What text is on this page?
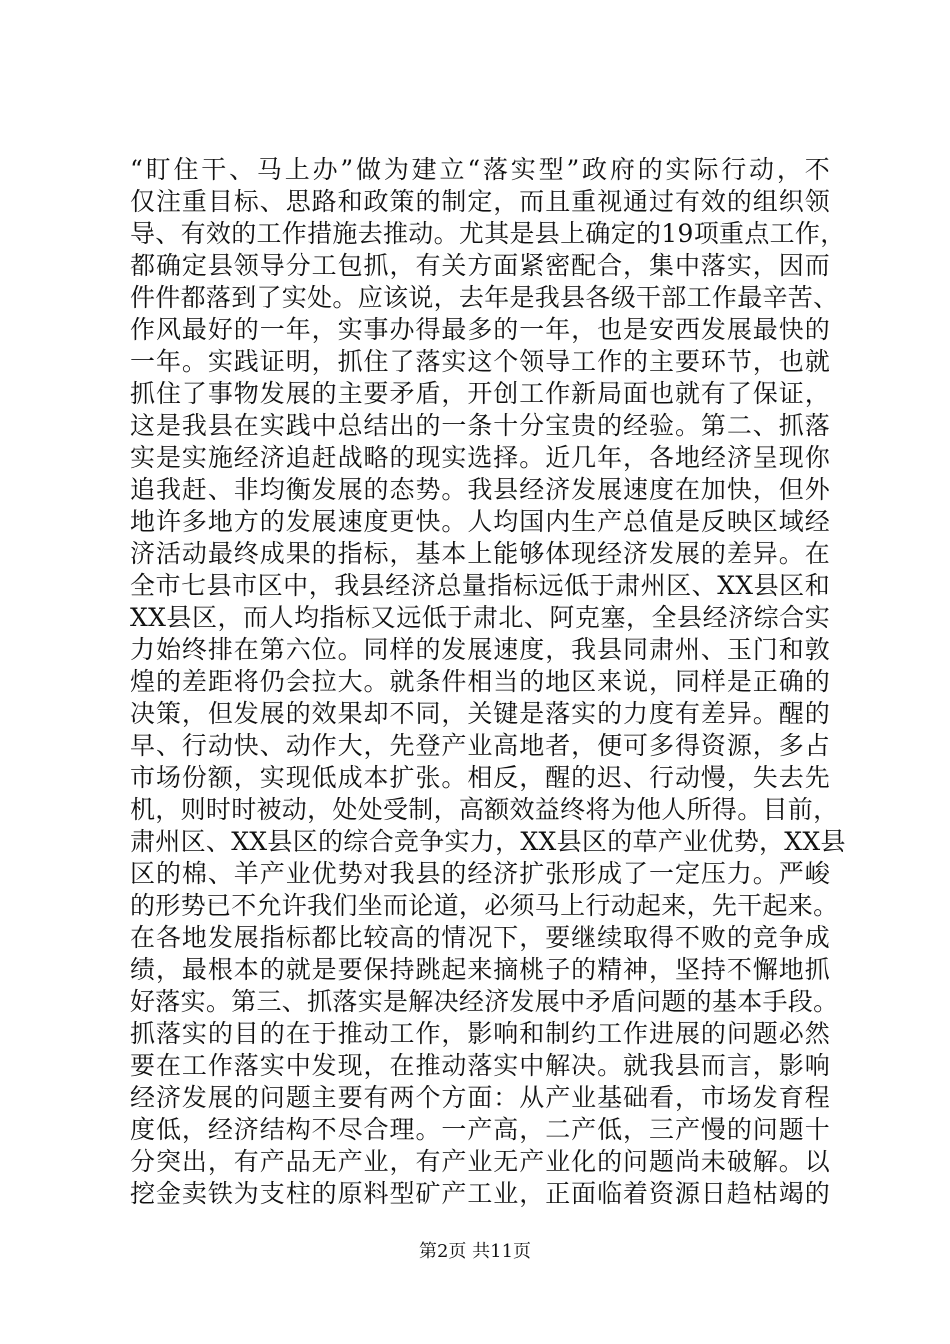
“盯住干、马上办”做为建立“落实型”政府的实际行动，不
仅注重目标、思路和政策的制定，而且重视通过有效的组织领
导、有效的工作措施去推动。尤其是县上确定的19项重点工作，
都确定县领导分工包抓，有关方面紧密配合，集中落实，因而
件件都落到了实处。应该说，去年是我县各级干部工作最辛苦、
作风最好的一年，实事办得最多的一年，也是安西发展最快的
一年。实践证明，抓住了落实这个领导工作的主要环节，也就
抓住了事物发展的主要矛盾，开创工作新局面也就有了保证，
这是我县在实践中总结出的一条十分宝贵的经验。第二、抓落
实是实施经济追赶战略的现实选择。近几年，各地经济呈现你
追我赶、非均衡发展的态势。我县经济发展速度在加快，但外
地许多地方的发展速度更快。人均国内生产总值是反映区域经
济活动最终成果的指标，基本上能够体现经济发展的差异。在
全市七县市区中，我县经济总量指标远低于肃州区、XX县区和
XX县区，而人均指标又远低于肃北、阿克塞，全县经济综合实
力始终排在第六位。同样的发展速度，我县同肃州、玉门和敦
煌的差距将仍会拉大。就条件相当的地区来说，同样是正确的
决策，但发展的效果却不同，关键是落实的力度有差异。醒的
早、行动快、动作大，先登产业高地者，便可多得资源，多占
市场份额，实现低成本扩张。相反，醒的迟、行动慢，失去先
机，则时时被动，处处受制，高额效益终将为他人所得。目前，
肃州区、XX县区的综合竞争实力，XX县区的草产业优势，XX县
区的棉、羊产业优势对我县的经济扩张形成了一定压力。严峻
的形势已不允许我们坐而论道，必须马上行动起来，先干起来。
在各地发展指标都比较高的情况下，要继续取得不败的竞争成
绩，最根本的就是要保持跳起来摘桃子的精神，坚持不懈地抓
好落实。第三、抓落实是解决经济发展中矛盾问题的基本手段。
抓落实的目的在于推动工作，影响和制约工作进展的问题必然
要在工作落实中发现，在推动落实中解决。就我县而言，影响
经济发展的问题主要有两个方面：从产业基础看，市场发育程
度低，经济结构不尽合理。一产高，二产低，三产慢的问题十
分突出，有产品无产业，有产业无产业化的问题尚未破解。以
挖金卖铁为支柱的原料型矿产工业，正面临着资源日趋枯竭的
第2页 共11页
